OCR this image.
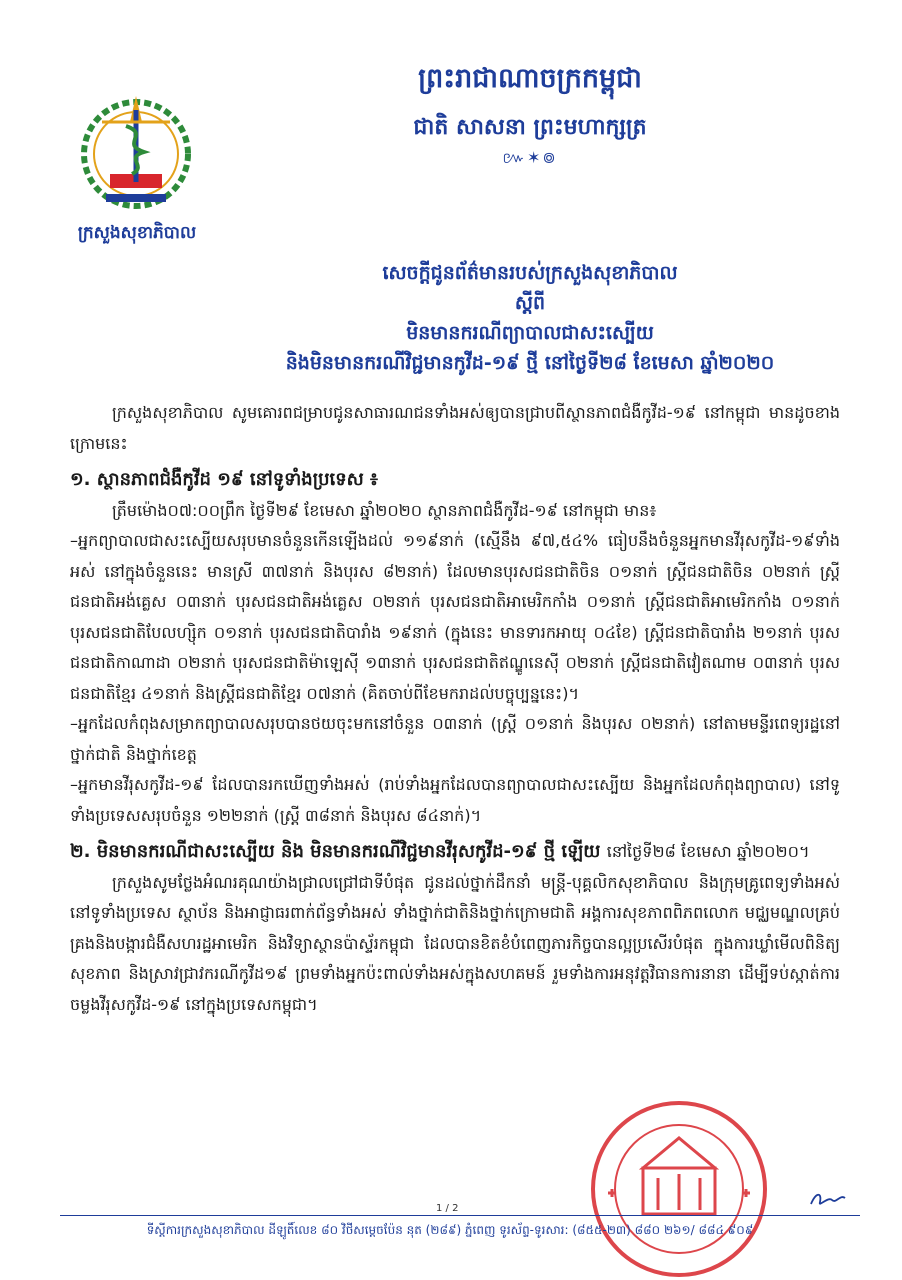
ក្រសួងសុខាភិបាល
ព្រះរាជាណាចក្រកម្ពុជា
ជាតិ សាសនា ព្រះមហាក្សត្រ
៚✶៙
សេចក្តីជូនព័ត៌មានរបស់ក្រសួងសុខាភិបាល
ស្តីពី
មិនមានករណីព្យាបាលជាសះស្បើយ
និងមិនមានករណីវិជ្ជមានកូវីដ-១៩ ថ្មី នៅថ្ងៃទី២៨ ខែមេសា ឆ្នាំ២០២០

ក្រសួងសុខាភិបាល សូមគោរពជម្រាបជូនសាធារណជនទាំងអស់ឲ្យបានជ្រាបពីស្ថានភាពជំងឺកូវីដ-១៩ នៅកម្ពុជា មានដូចខាងក្រោមនេះ

១. ស្ថានភាពជំងឺកូវីដ ១៩ នៅទូទាំងប្រទេស ៖

ត្រឹមម៉ោង០៧:០០ព្រឹក ថ្ងៃទី២៩ ខែមេសា ឆ្នាំ២០២០ ស្ថានភាពជំងឺកូវីដ-១៩ នៅកម្ពុជា មាន៖

–អ្នកព្យាបាលជាសះស្បើយសរុបមានចំនួនកើនឡើងដល់ ១១៩នាក់ (ស្មើនឹង ៩៧,៥៤% ធៀបនឹងចំនួនអ្នកមានវីរុសកូវីដ-១៩ទាំងអស់ នៅក្នុងចំនួននេះ មានស្រី ៣៧នាក់ និងបុរស ៨២នាក់) ដែលមានបុរសជនជាតិចិន ០១នាក់ ស្ត្រីជនជាតិចិន ០២នាក់ ស្ត្រីជនជាតិអង់គ្លេស ០៣នាក់ បុរសជនជាតិអង់គ្លេស ០២នាក់ បុរសជនជាតិអាមេរិកកាំង ០១នាក់ ស្ត្រីជនជាតិអាមេរិកកាំង ០១នាក់ បុរសជនជាតិបែលហ្ស៊ិក ០១នាក់ បុរសជនជាតិបារាំង ១៩នាក់ (ក្នុងនេះ មានទារកអាយុ ០៤ខែ) ស្ត្រីជនជាតិបារាំង ២១នាក់ បុរសជនជាតិកាណាដា ០២នាក់ បុរសជនជាតិម៉ាឡេស៊ី ១៣នាក់ បុរសជនជាតិឥណ្ឌូនេស៊ី ០២នាក់ ស្ត្រីជនជាតិវៀតណាម ០៣នាក់ បុរសជនជាតិខ្មែរ ៤១នាក់ និងស្ត្រីជនជាតិខ្មែរ ០៧នាក់ (គិតចាប់ពីខែមករាដល់បច្ចុប្បន្ននេះ)។

–អ្នកដែលកំពុងសម្រាកព្យាបាលសរុបបានថយចុះមកនៅចំនួន ០៣នាក់ (ស្ត្រី ០១នាក់ និងបុរស ០២នាក់) នៅតាមមន្ទីរពេទ្យរដ្ឋនៅថ្នាក់ជាតិ និងថ្នាក់ខេត្ត

–អ្នកមានវីរុសកូវីដ-១៩ ដែលបានរកឃើញទាំងអស់ (រាប់ទាំងអ្នកដែលបានព្យាបាលជាសះស្បើយ និងអ្នកដែលកំពុងព្យាបាល) នៅទូទាំងប្រទេសសរុបចំនួន ១២២នាក់ (ស្ត្រី ៣៨នាក់ និងបុរស ៨៤នាក់)។

២. មិនមានករណីជាសះស្បើយ និង មិនមានករណីវិជ្ជមានវីរុសកូវីដ-១៩ ថ្មី ឡើយ នៅថ្ងៃទី២៨ ខែមេសា ឆ្នាំ២០២០។

ក្រសួងសូមថ្លែងអំណរគុណយ៉ាងជ្រាលជ្រៅជាទីបំផុត ជូនដល់ថ្នាក់ដឹកនាំ មន្ត្រី-បុគ្គលិកសុខាភិបាល និងក្រុមគ្រូពេទ្យទាំងអស់នៅទូទាំងប្រទេស ស្ថាប័ន និងអាជ្ញាធរពាក់ព័ន្ធទាំងអស់ ទាំងថ្នាក់ជាតិនិងថ្នាក់ក្រោមជាតិ អង្គការសុខភាពពិភពលោក មជ្ឈមណ្ឌលគ្រប់គ្រងនិងបង្ការជំងឺសហរដ្ឋអាមេរិក និងវិទ្យាស្ថានប៉ាស្ទ័រកម្ពុជា ដែលបានខិតខំបំពេញភារកិច្ចបានល្អប្រសើរបំផុត ក្នុងការឃ្លាំមើលពិនិត្យសុខភាព និងស្រាវជ្រាវករណីកូវីដ១៩ ព្រមទាំងអ្នកប៉ះពាល់ទាំងអស់ក្នុងសហគមន៍ រួមទាំងការអនុវត្តវិធានការនានា ដើម្បីទប់ស្កាត់ការចម្លងវីរុសកូវីដ-១៩ នៅក្នុងប្រទេសកម្ពុជា។

1 / 2
ទីស្តីការក្រសួងសុខាភិបាល ដីឡូតិ៍លេខ ៨០ វិថីសម្តេចប៉ែន នុត (២៨៩) ភ្នំពេញ ទូរស័ព្ទ-ទូរសារ: (៨៥៥-២៣) ៨៨០ ២៦១/ ៨៨៤ ៩០៩
